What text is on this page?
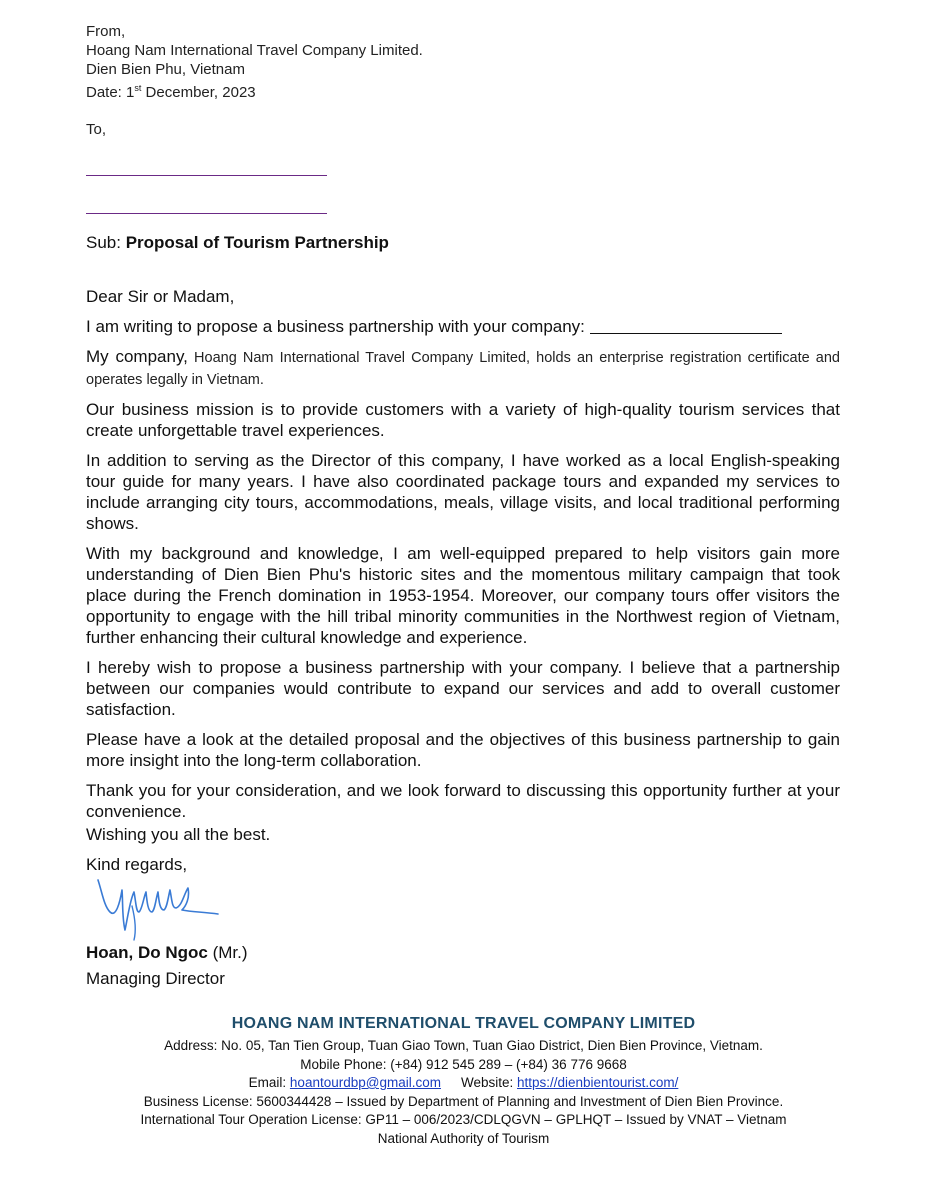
From,
Hoang Nam International Travel Company Limited.
Dien Bien Phu, Vietnam
Date: 1st December, 2023
To,
Sub: Proposal of Tourism Partnership

Dear Sir or Madam,

I am writing to propose a business partnership with your company:

My company, Hoang Nam International Travel Company Limited, holds an enterprise registration certificate and operates legally in Vietnam.

Our business mission is to provide customers with a variety of high-quality tourism services that create unforgettable travel experiences.

In addition to serving as the Director of this company, I have worked as a local English-speaking tour guide for many years. I have also coordinated package tours and expanded my services to include arranging city tours, accommodations, meals, village visits, and local traditional performing shows.

With my background and knowledge, I am well-equipped prepared to help visitors gain more understanding of Dien Bien Phu's historic sites and the momentous military campaign that took place during the French domination in 1953-1954. Moreover, our company tours offer visitors the opportunity to engage with the hill tribal minority communities in the Northwest region of Vietnam, further enhancing their cultural knowledge and experience.

I hereby wish to propose a business partnership with your company. I believe that a partnership between our companies would contribute to expand our services and add to overall customer satisfaction.

Please have a look at the detailed proposal and the objectives of this business partnership to gain more insight into the long-term collaboration.

Thank you for your consideration, and we look forward to discussing this opportunity further at your convenience.

Wishing you all the best.
Kind regards,
Hoan, Do Ngoc (Mr.)
Managing Director
HOANG NAM INTERNATIONAL TRAVEL COMPANY LIMITED
Address: No. 05, Tan Tien Group, Tuan Giao Town, Tuan Giao District, Dien Bien Province, Vietnam.
Mobile Phone: (+84) 912 545 289 – (+84) 36 776 9668
Email: hoantourdbp@gmail.com Website: https://dienbientourist.com/
Business License: 5600344428 – Issued by Department of Planning and Investment of Dien Bien Province.
International Tour Operation License: GP11 – 006/2023/CDLQGVN – GPLHQT – Issued by VNAT – Vietnam
National Authority of Tourism
